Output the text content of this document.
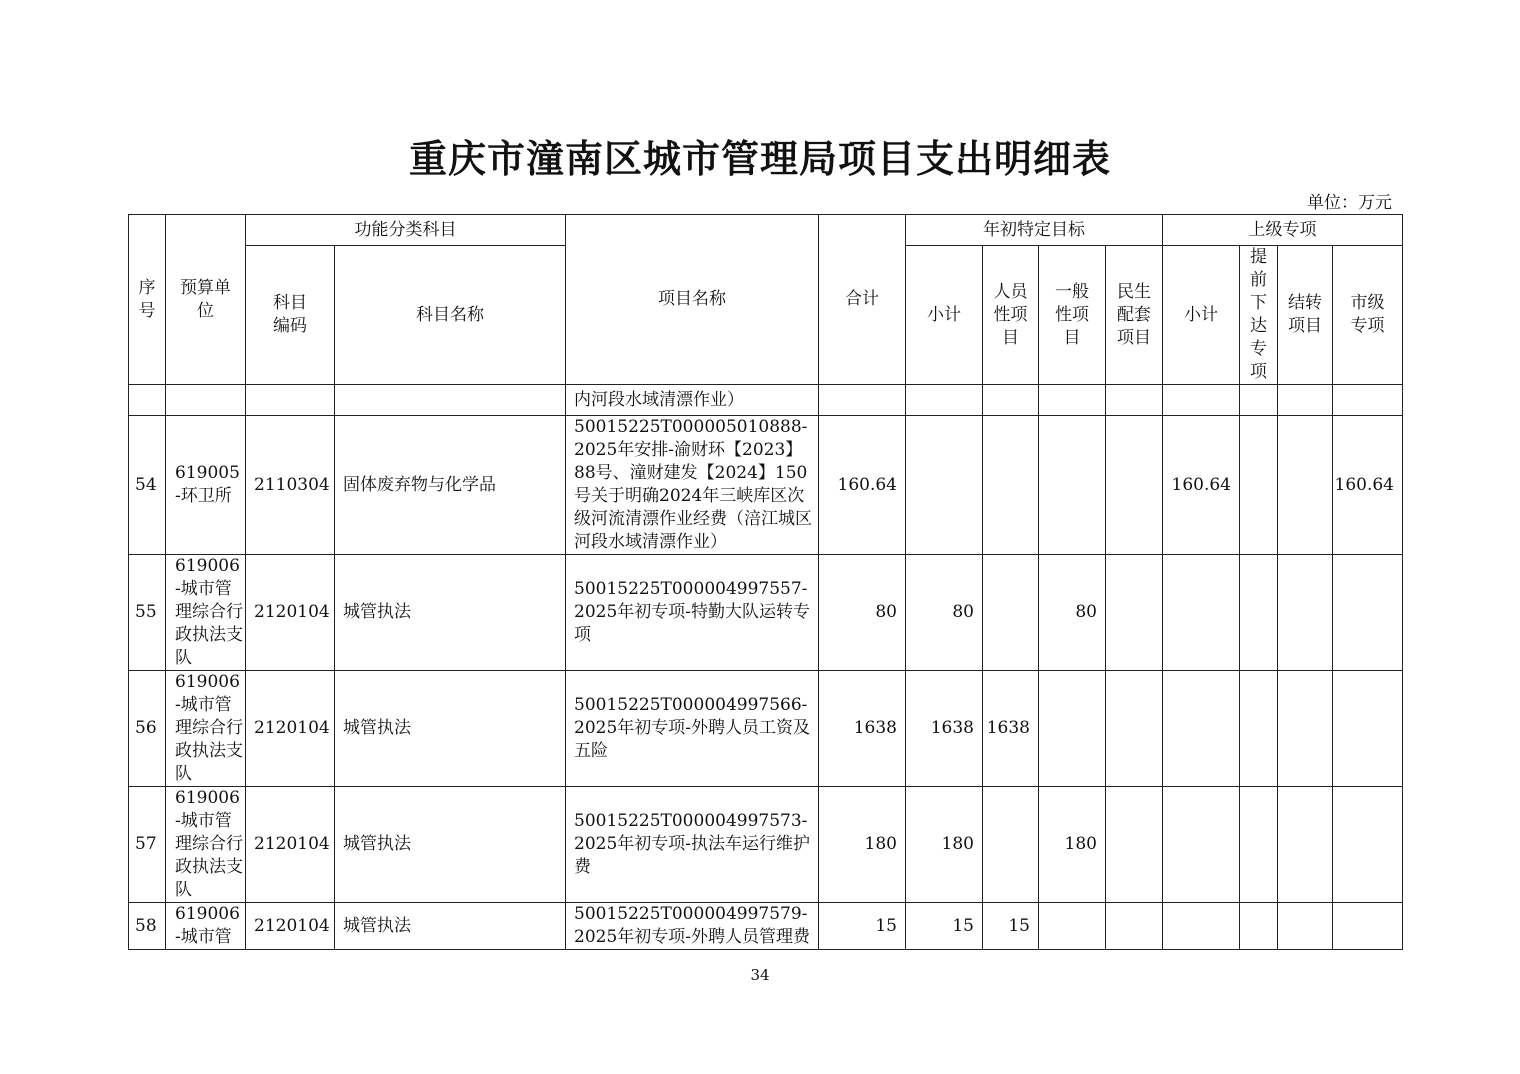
重庆市潼南区城市管理局项目支出明细表
单位：万元
序号	预算单位	功能分类科目		项目名称	合计	年初特定目标				上级专项			
		科目编码	科目名称			小计	人员性项目	一般性项目	民生配套项目	小计	提前下达专项	结转项目	市级专项
				内河段水域清漂作业）									
54	619005-环卫所	2110304	固体废弃物与化学品	50015225T000005010888-2025年安排-渝财环【2023】88号、潼财建发【2024】150号关于明确2024年三峡库区次级河流清漂作业经费（涪江城区河段水域清漂作业）	160.64					160.64			160.64
55	619006-城市管理综合行政执法支队	2120104	城管执法	50015225T000004997557-2025年初专项-特勤大队运转专项	80	80		80					
56	619006-城市管理综合行政执法支队	2120104	城管执法	50015225T000004997566-2025年初专项-外聘人员工资及五险	1638	1638	1638						
57	619006-城市管理综合行政执法支队	2120104	城管执法	50015225T000004997573-2025年初专项-执法车运行维护费	180	180		180					
58	619006-城市管	2120104	城管执法	50015225T000004997579-2025年初专项-外聘人员管理费	15	15	15						
34
